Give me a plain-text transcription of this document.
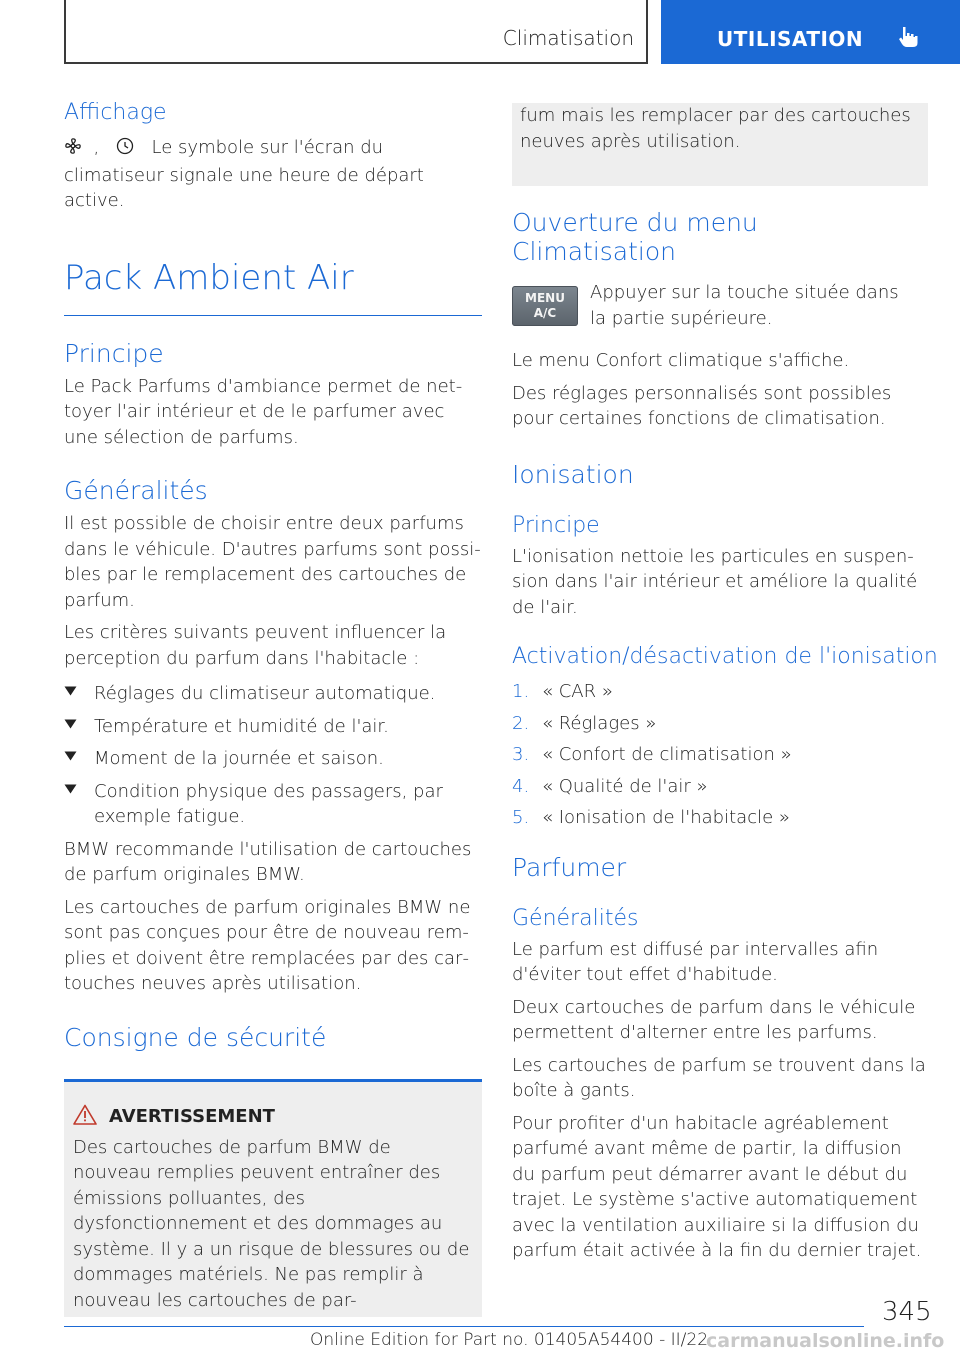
Climatisation	UTILISATION
Affichage

,      Le symbole sur l'écran du climatiseur signale une heure de départ active.

Pack Ambient Air
Principe

Le Pack Parfums d'ambiance permet de nettoyer l'air intérieur et de le parfumer avec une sélection de parfums.

Généralités

Il est possible de choisir entre deux parfums dans le véhicule. D'autres parfums sont possibles par le remplacement des cartouches de parfum.

Les critères suivants peuvent influencer la perception du parfum dans l'habitacle :

Réglages du climatiseur automatique.
Température et humidité de l'air.
Moment de la journée et saison.
Condition physique des passagers, par exemple fatigue.

BMW recommande l'utilisation de cartouches de parfum originales BMW.

Les cartouches de parfum originales BMW ne sont pas conçues pour être de nouveau remplies et doivent être remplacées par des cartouches neuves après utilisation.

Consigne de sécurité
AVERTISSEMENT

Des cartouches de parfum BMW de nouveau remplies peuvent entraîner des émissions polluantes, des dysfonctionnement et des dommages au système. Il y a un risque de blessures ou de dommages matériels. Ne pas remplir à nouveau les cartouches de par-

fum mais les remplacer par des cartouches neuves après utilisation.

Ouverture du menu Climatisation
MENU
A/C

Appuyer sur la touche située dans la partie supérieure.

Le menu Confort climatique s'affiche.

Des réglages personnalisés sont possibles pour certaines fonctions de climatisation.

Ionisation
Principe

L'ionisation nettoie les particules en suspension dans l'air intérieur et améliore la qualité de l'air.

Activation/désactivation de l'ionisation
1. « CAR »
2. « Réglages »
3. « Confort de climatisation »
4. « Qualité de l'air »
5. « Ionisation de l'habitacle »
Parfumer
Généralités

Le parfum est diffusé par intervalles afin d'éviter tout effet d'habitude.

Deux cartouches de parfum dans le véhicule permettent d'alterner entre les parfums.

Les cartouches de parfum se trouvent dans la boîte à gants.

Pour profiter d'un habitacle agréablement parfumé avant même de partir, la diffusion du parfum peut démarrer avant le début du trajet. Le système s'active automatiquement avec la ventilation auxiliaire si la diffusion du parfum était activée à la fin du dernier trajet.

345
Online Edition for Part no. 01405A54400 - II/22
carmanualsonline.info
